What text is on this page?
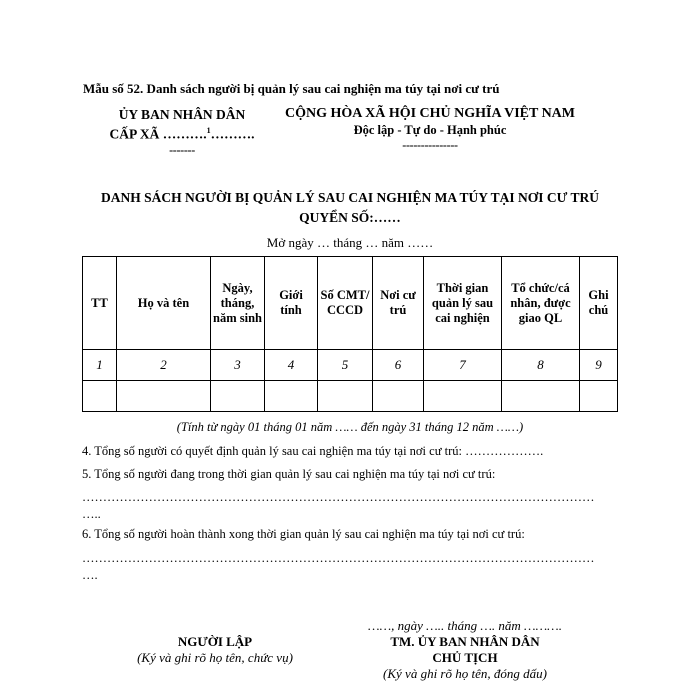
Mẫu số 52. Danh sách người bị quản lý sau cai nghiện ma túy tại nơi cư trú
ỦY BAN NHÂN DÂN
CẤP XÃ ……….$^1$……….
-------
CỘNG HÒA XÃ HỘI CHỦ NGHĨA VIỆT NAM
Độc lập - Tự do - Hạnh phúc
---------------
DANH SÁCH NGƯỜI BỊ QUẢN LÝ SAU CAI NGHIỆN MA TÚY TẠI NƠI CƯ TRÚ
QUYỂN SỐ:……
Mở ngày … tháng … năm ……
TT	Họ và tên	Ngày, tháng, năm sinh	Giới tính	Số CMT/ CCCD	Nơi cư trú	Thời gian quản lý sau cai nghiện	Tổ chức/cá nhân, được giao QL	Ghi chú
1	2	3	4	5	6	7	8	9

(Tính từ ngày 01 tháng 01 năm …… đến ngày 31 tháng 12 năm ……)
4. Tổng số người có quyết định quản lý sau cai nghiện ma túy tại nơi cư trú: ……………….
5. Tổng số người đang trong thời gian quản lý sau cai nghiện ma túy tại nơi cư trú:
……………………………………………………………………………………………………………
…..
6. Tổng số người hoàn thành xong thời gian quản lý sau cai nghiện ma túy tại nơi cư trú:
……………………………………………………………………………………………………………
….
NGƯỜI LẬP
(Ký và ghi rõ họ tên, chức vụ)
……, ngày ….. tháng …. năm ……….
TM. ỦY BAN NHÂN DÂN
CHỦ TỊCH
(Ký và ghi rõ họ tên, đóng dấu)
